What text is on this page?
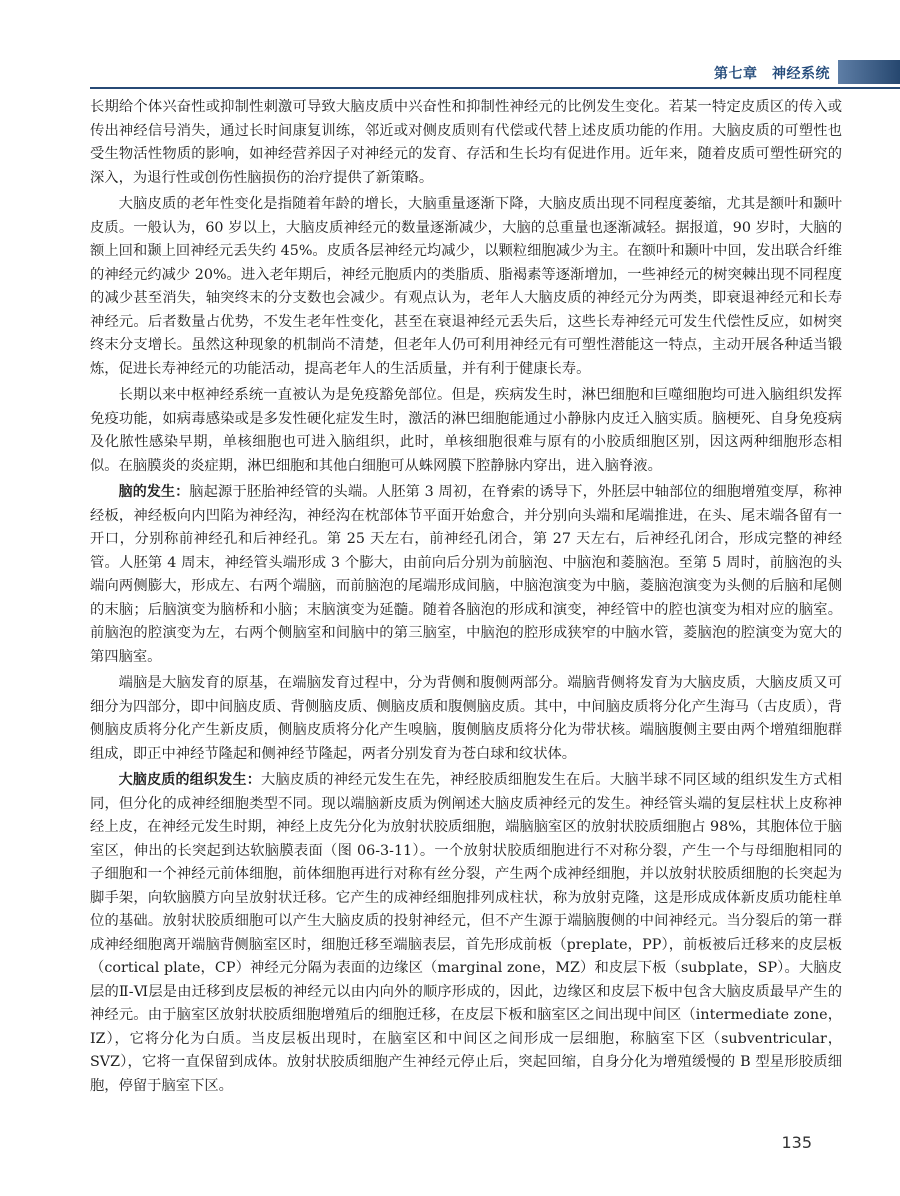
第七章　神经系统

长期给个体兴奋性或抑制性刺激可导致大脑皮质中兴奋性和抑制性神经元的比例发生变化。若某一特定皮质区的传入或传出神经信号消失，通过长时间康复训练，邻近或对侧皮质则有代偿或代替上述皮质功能的作用。大脑皮质的可塑性也受生物活性物质的影响，如神经营养因子对神经元的发育、存活和生长均有促进作用。近年来，随着皮质可塑性研究的深入，为退行性或创伤性脑损伤的治疗提供了新策略。

大脑皮质的老年性变化是指随着年龄的增长，大脑重量逐渐下降，大脑皮质出现不同程度萎缩，尤其是额叶和颞叶皮质。一般认为，60 岁以上，大脑皮质神经元的数量逐渐减少，大脑的总重量也逐渐减轻。据报道，90 岁时，大脑的额上回和颞上回神经元丢失约 45%。皮质各层神经元均减少，以颗粒细胞减少为主。在额叶和颞叶中回，发出联合纤维的神经元约减少 20%。进入老年期后，神经元胞质内的类脂质、脂褐素等逐渐增加，一些神经元的树突棘出现不同程度的减少甚至消失，轴突终末的分支数也会减少。有观点认为，老年人大脑皮质的神经元分为两类，即衰退神经元和长寿神经元。后者数量占优势，不发生老年性变化，甚至在衰退神经元丢失后，这些长寿神经元可发生代偿性反应，如树突终末分支增长。虽然这种现象的机制尚不清楚，但老年人仍可利用神经元有可塑性潜能这一特点，主动开展各种适当锻炼，促进长寿神经元的功能活动，提高老年人的生活质量，并有利于健康长寿。

长期以来中枢神经系统一直被认为是免疫豁免部位。但是，疾病发生时，淋巴细胞和巨噬细胞均可进入脑组织发挥免疫功能，如病毒感染或是多发性硬化症发生时，激活的淋巴细胞能通过小静脉内皮迁入脑实质。脑梗死、自身免疫病及化脓性感染早期，单核细胞也可进入脑组织，此时，单核细胞很难与原有的小胶质细胞区别，因这两种细胞形态相似。在脑膜炎的炎症期，淋巴细胞和其他白细胞可从蛛网膜下腔静脉内穿出，进入脑脊液。

脑的发生：脑起源于胚胎神经管的头端。人胚第 3 周初，在脊索的诱导下，外胚层中轴部位的细胞增殖变厚，称神经板，神经板向内凹陷为神经沟，神经沟在枕部体节平面开始愈合，并分别向头端和尾端推进，在头、尾末端各留有一开口，分别称前神经孔和后神经孔。第 25 天左右，前神经孔闭合，第 27 天左右，后神经孔闭合，形成完整的神经管。人胚第 4 周末，神经管头端形成 3 个膨大，由前向后分别为前脑泡、中脑泡和菱脑泡。至第 5 周时，前脑泡的头端向两侧膨大，形成左、右两个端脑，而前脑泡的尾端形成间脑，中脑泡演变为中脑，菱脑泡演变为头侧的后脑和尾侧的末脑；后脑演变为脑桥和小脑；末脑演变为延髓。随着各脑泡的形成和演变，神经管中的腔也演变为相对应的脑室。前脑泡的腔演变为左，右两个侧脑室和间脑中的第三脑室，中脑泡的腔形成狭窄的中脑水管，菱脑泡的腔演变为宽大的第四脑室。

端脑是大脑发育的原基，在端脑发育过程中，分为背侧和腹侧两部分。端脑背侧将发育为大脑皮质，大脑皮质又可细分为四部分，即中间脑皮质、背侧脑皮质、侧脑皮质和腹侧脑皮质。其中，中间脑皮质将分化产生海马（古皮质），背侧脑皮质将分化产生新皮质，侧脑皮质将分化产生嗅脑，腹侧脑皮质将分化为带状核。端脑腹侧主要由两个增殖细胞群组成，即正中神经节隆起和侧神经节隆起，两者分别发育为苍白球和纹状体。

大脑皮质的组织发生：大脑皮质的神经元发生在先，神经胶质细胞发生在后。大脑半球不同区域的组织发生方式相同，但分化的成神经细胞类型不同。现以端脑新皮质为例阐述大脑皮质神经元的发生。神经管头端的复层柱状上皮称神经上皮，在神经元发生时期，神经上皮先分化为放射状胶质细胞，端脑脑室区的放射状胶质细胞占 98%，其胞体位于脑室区，伸出的长突起到达软脑膜表面（图 06-3-11）。一个放射状胶质细胞进行不对称分裂，产生一个与母细胞相同的子细胞和一个神经元前体细胞，前体细胞再进行对称有丝分裂，产生两个成神经细胞，并以放射状胶质细胞的长突起为脚手架，向软脑膜方向呈放射状迁移。它产生的成神经细胞排列成柱状，称为放射克隆，这是形成成体新皮质功能柱单位的基础。放射状胶质细胞可以产生大脑皮质的投射神经元，但不产生源于端脑腹侧的中间神经元。当分裂后的第一群成神经细胞离开端脑背侧脑室区时，细胞迁移至端脑表层，首先形成前板（preplate，PP），前板被后迁移来的皮层板（cortical plate，CP）神经元分隔为表面的边缘区（marginal zone，MZ）和皮层下板（subplate，SP）。大脑皮层的Ⅱ-Ⅵ层是由迁移到皮层板的神经元以由内向外的顺序形成的，因此，边缘区和皮层下板中包含大脑皮质最早产生的神经元。由于脑室区放射状胶质细胞增殖后的细胞迁移，在皮层下板和脑室区之间出现中间区（intermediate zone，IZ），它将分化为白质。当皮层板出现时，在脑室区和中间区之间形成一层细胞，称脑室下区（subventricular，SVZ），它将一直保留到成体。放射状胶质细胞产生神经元停止后，突起回缩，自身分化为增殖缓慢的 B 型星形胶质细胞，停留于脑室下区。

135
